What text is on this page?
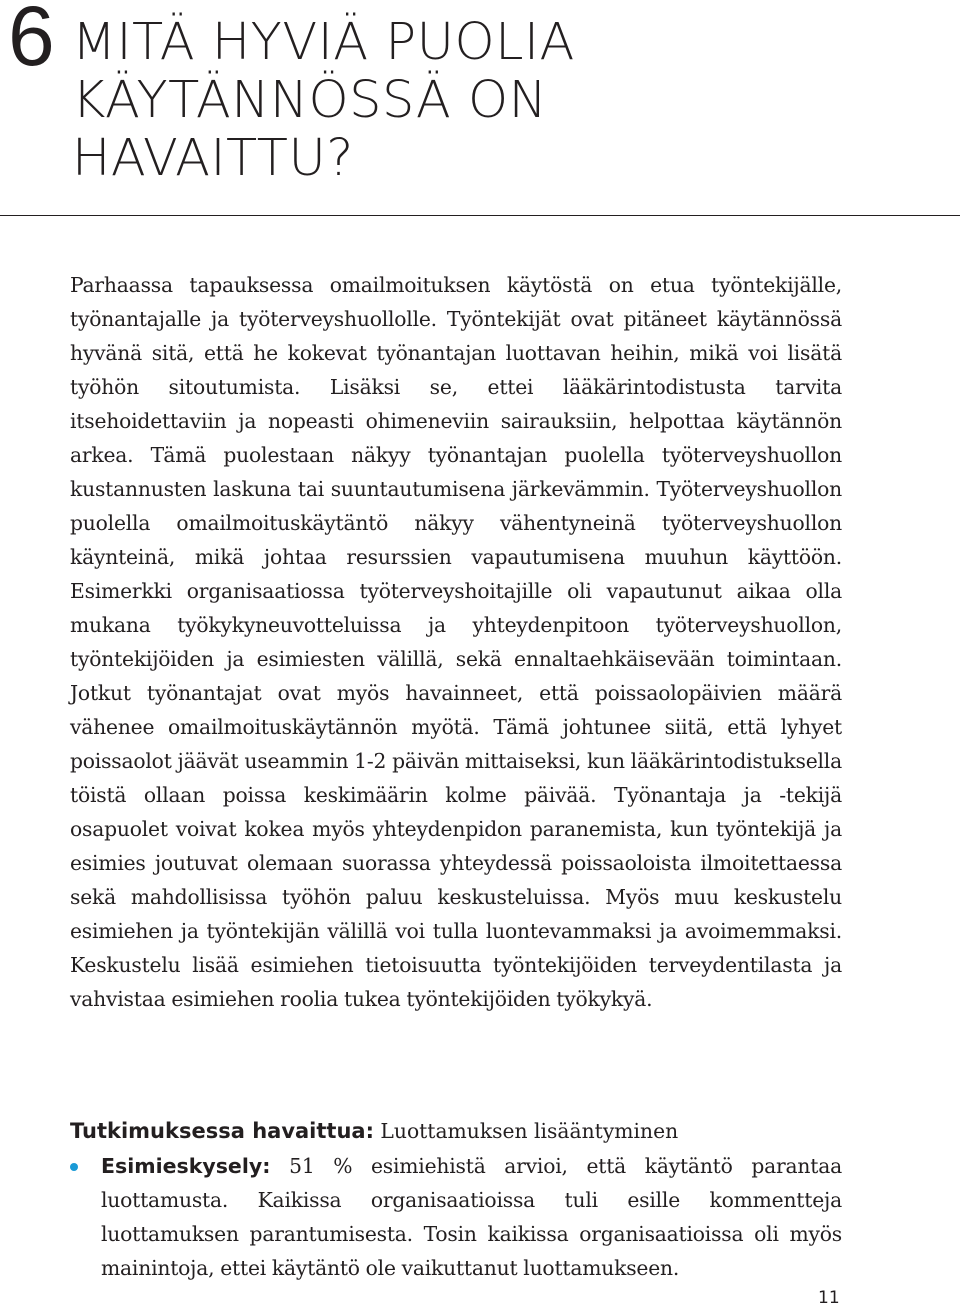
6 MITÄ HYVIÄ PUOLIA
KÄYTÄNNÖSSÄ ON
HAVAITTU?

Parhaassa tapauksessa omailmoituksen käytöstä on etua työntekijälle, työnantajalle ja työterveyshuollolle. Työntekijät ovat pitäneet käytännössä hyvänä sitä, että he kokevat työnantajan luottavan heihin, mikä voi lisätä työhön sitoutumista. Lisäksi se, ettei lääkärintodistusta tarvita itsehoidettaviin ja nopeasti ohimeneviin sairauksiin, helpottaa käytännön arkea. Tämä puolestaan näkyy työnantajan puolella työterveyshuollon kustannusten laskuna tai suuntautumisena järkevämmin. Työterveyshuollon puolella omailmoituskäytäntö näkyy vähentyneinä työterveyshuollon käynteinä, mikä johtaa resurssien vapautumisena muuhun käyttöön. Esimerkki organisaatiossa työterveyshoitajille oli vapautunut aikaa olla mukana työkykyneuvotteluissa ja yhteydenpitoon työterveyshuollon, työntekijöiden ja esimiesten välillä, sekä ennaltaehkäisevään toimintaan. Jotkut työnantajat ovat myös havainneet, että poissaolopäivien määrä vähenee omailmoituskäytännön myötä. Tämä johtunee siitä, että lyhyet poissaolot jäävät useammin 1-2 päivän mittaiseksi, kun lääkärintodistuksella töistä ollaan poissa keskimäärin kolme päivää. Työnantaja ja -tekijä osapuolet voivat kokea myös yhteydenpidon paranemista, kun työntekijä ja esimies joutuvat olemaan suorassa yhteydessä poissaoloista ilmoitettaessa sekä mahdollisissa työhön paluu keskusteluissa. Myös muu keskustelu esimiehen ja työntekijän välillä voi tulla luontevammaksi ja avoimemmaksi. Keskustelu lisää esimiehen tietoisuutta työntekijöiden terveydentilasta ja vahvistaa esimiehen roolia tukea työntekijöiden työkykyä.

Tutkimuksessa havaittua: Luottamuksen lisääntyminen

Esimieskysely: 51 % esimiehistä arvioi, että käytäntö parantaa luottamusta. Kaikissa organisaatioissa tuli esille kommentteja luottamuksen parantumisesta. Tosin kaikissa organisaatioissa oli myös mainintoja, ettei käytäntö ole vaikuttanut luottamukseen.
11
